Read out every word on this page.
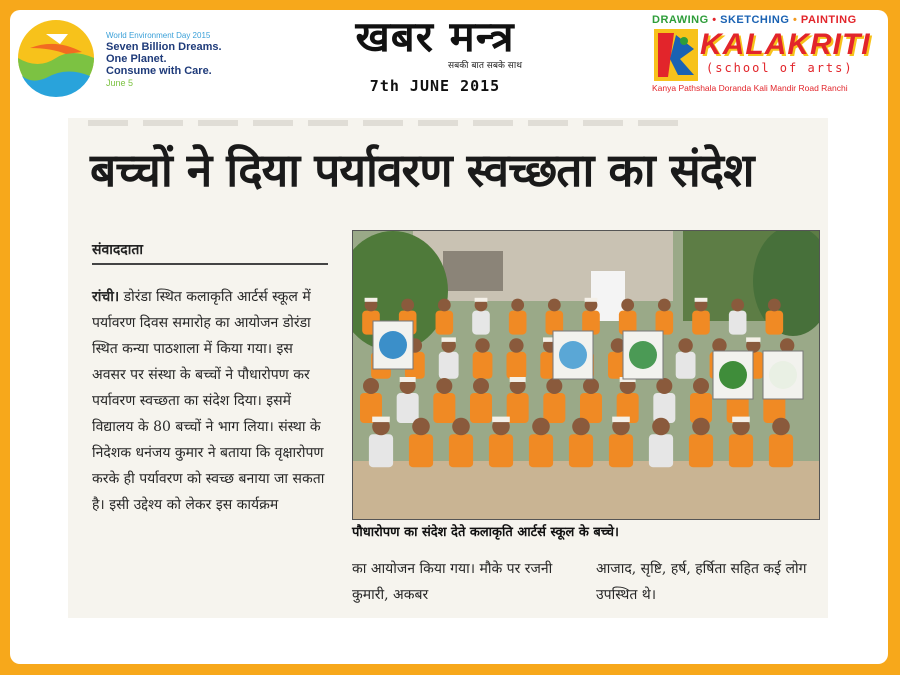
World Environment Day 2015
Seven Billion Dreams.
One Planet.
Consume with Care.
June 5
खबर मन्त्र
सबकी बात सबके साथ
7th JUNE 2015
DRAWING • SKETCHING • PAINTING
KALAKRITI
(school of arts)
Kanya Pathshala Doranda Kali Mandir Road Ranchi
बच्चों ने दिया पर्यावरण स्वच्छता का संदेश
संवाददाता
रांची। डोरंडा स्थित कलाकृति आर्टर्स स्कूल में पर्यावरण दिवस समारोह का आयोजन डोरंडा स्थित कन्या पाठशाला में किया गया। इस अवसर पर संस्था के बच्चों ने पौधारोपण कर पर्यावरण स्वच्छता का संदेश दिया। इसमें विद्यालय के 80 बच्चों ने भाग लिया। संस्था के निदेशक धनंजय कुमार ने बताया कि वृक्षारोपण करके ही पर्यावरण को स्वच्छ बनाया जा सकता है। इसी उद्देश्य को लेकर इस कार्यक्रम
पौधारोपण का संदेश देते कलाकृति आर्टर्स स्कूल के बच्चे।
का आयोजन किया गया। मौके पर रजनी कुमारी, अकबर
आजाद, सृष्टि, हर्ष, हर्षिता सहित कई लोग उपस्थित थे।
